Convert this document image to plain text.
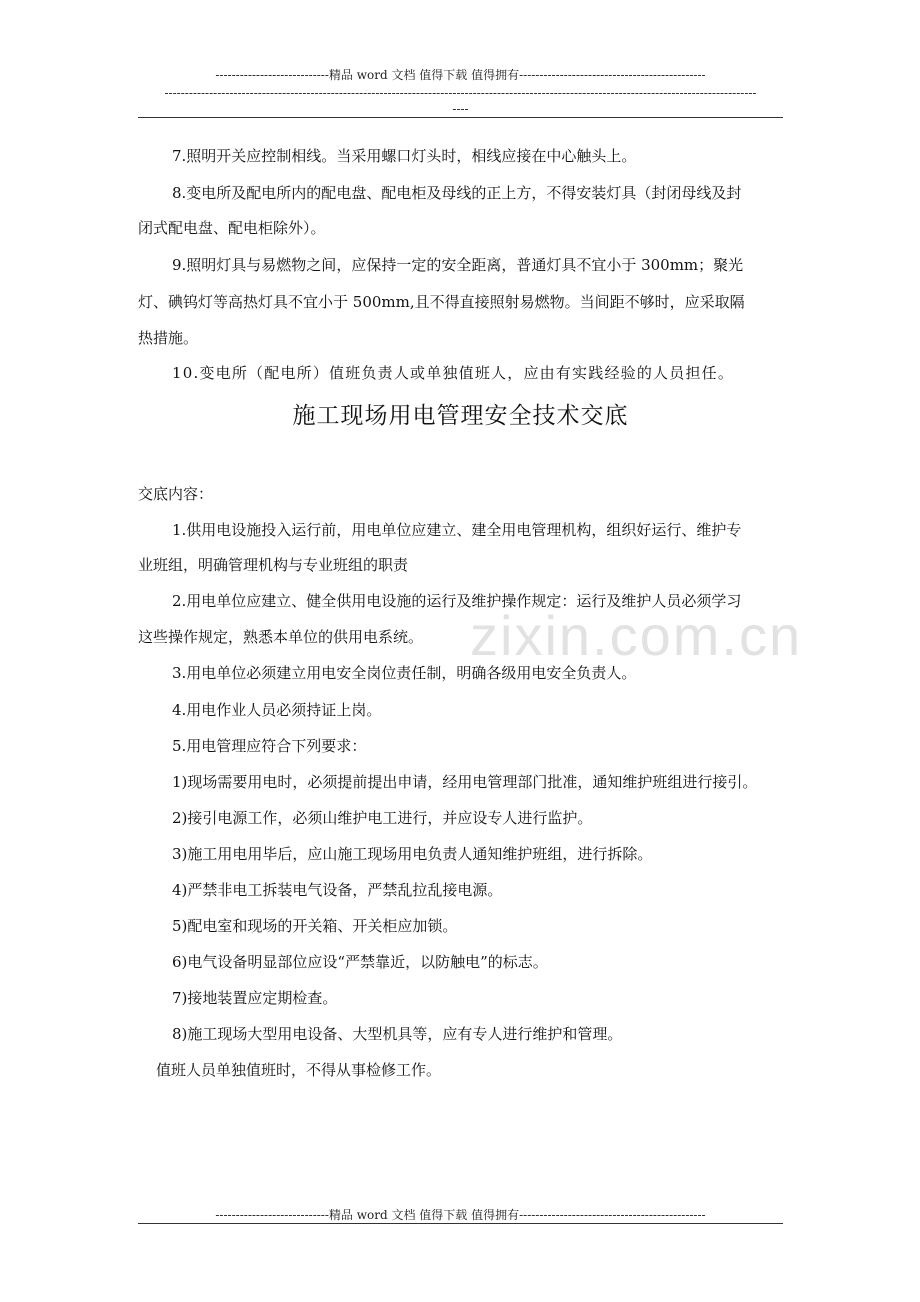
----------------------------精品 word 文档 值得下载 值得拥有----------------------------------------------
--------------------------------------------------------------------------------------------------------------------------------------------------
----
zixin.com.cn
7.照明开关应控制相线。当采用螺口灯头时，相线应接在中心触头上。
8.变电所及配电所内的配电盘、配电柜及母线的正上方，不得安装灯具（封闭母线及封
闭式配电盘、配电柜除外）。
9.照明灯具与易燃物之间，应保持一定的安全距离，普通灯具不宜小于 300mm；聚光
灯、碘钨灯等高热灯具不宜小于 500mm,且不得直接照射易燃物。当间距不够时，应采取隔
热措施。
10.变电所（配电所）值班负责人或单独值班人，应由有实践经验的人员担任。
施工现场用电管理安全技术交底
交底内容：
1.供用电设施投入运行前，用电单位应建立、建全用电管理机构，组织好运行、维护专
业班组，明确管理机构与专业班组的职责
2.用电单位应建立、健全供用电设施的运行及维护操作规定：运行及维护人员必须学习
这些操作规定，熟悉本单位的供用电系统。
3.用电单位必须建立用电安全岗位责任制，明确各级用电安全负责人。
4.用电作业人员必须持证上岗。
5.用电管理应符合下列要求：
1)现场需要用电时，必须提前提出申请，经用电管理部门批准，通知维护班组进行接引。
2)接引电源工作，必须山维护电工进行，并应设专人进行监护。
3)施工用电用毕后，应山施工现场用电负责人通知维护班组，进行拆除。
4)严禁非电工拆装电气设备，严禁乱拉乱接电源。
5)配电室和现场的开关箱、开关柜应加锁。
6)电气设备明显部位应设“严禁靠近，以防触电”的标志。
7)接地装置应定期检查。
8)施工现场大型用电设备、大型机具等，应有专人进行维护和管理。
值班人员单独值班时，不得从事检修工作。
----------------------------精品 word 文档 值得下载 值得拥有----------------------------------------------
